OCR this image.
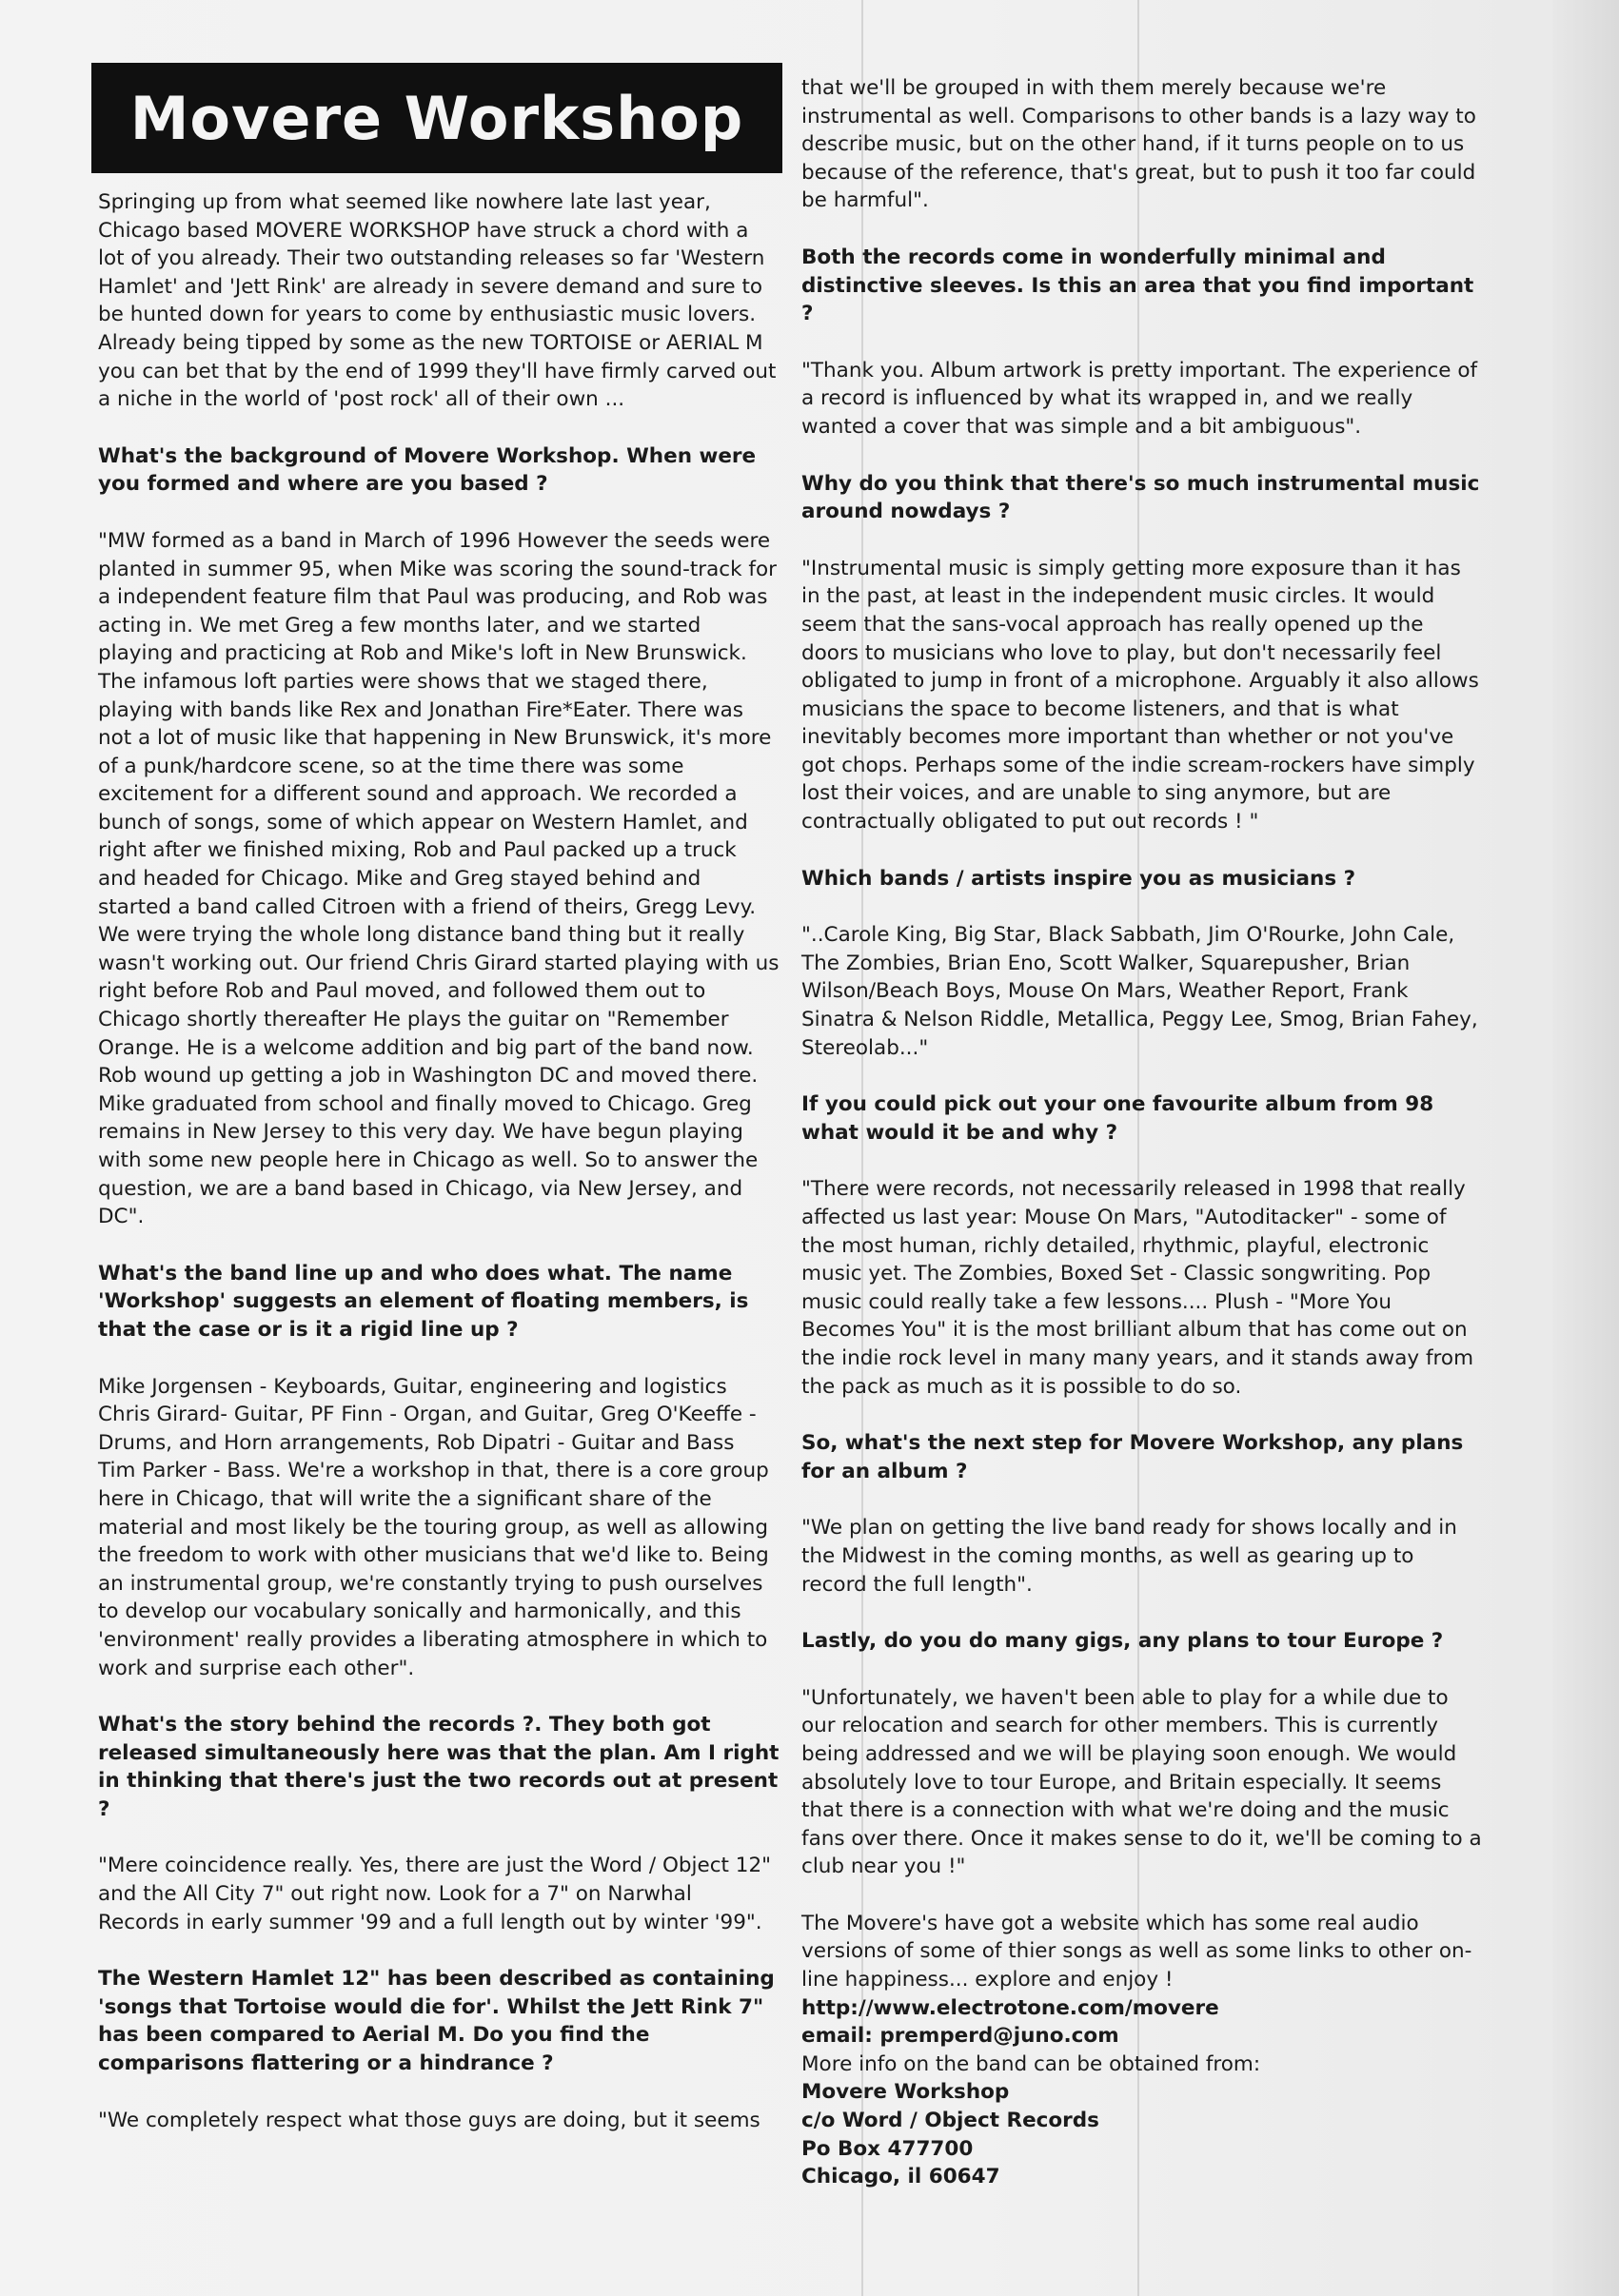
Movere Workshop

Springing up from what seemed like nowhere late last year, Chicago based MOVERE WORKSHOP have struck a chord with a lot of you already. Their two outstanding releases so far 'Western Hamlet' and 'Jett Rink' are already in severe demand and sure to be hunted down for years to come by enthusiastic music lovers. Already being tipped by some as the new TORTOISE or AERIAL M you can bet that by the end of 1999 they'll have firmly carved out a niche in the world of 'post rock' all of their own ...

What's the background of Movere Workshop. When were you formed and where are you based ?

"MW formed as a band in March of 1996 However the seeds were planted in summer 95, when Mike was scoring the sound-track for a independent feature film that Paul was producing, and Rob was acting in. We met Greg a few months later, and we started playing and practicing at Rob and Mike's loft in New Brunswick. The infamous loft parties were shows that we staged there, playing with bands like Rex and Jonathan Fire*Eater. There was not a lot of music like that happening in New Brunswick, it's more of a punk/hardcore scene, so at the time there was some excitement for a different sound and approach. We recorded a bunch of songs, some of which appear on Western Hamlet, and right after we finished mixing, Rob and Paul packed up a truck and headed for Chicago. Mike and Greg stayed behind and started a band called Citroen with a friend of theirs, Gregg Levy. We were trying the whole long distance band thing but it really wasn't working out. Our friend Chris Girard started playing with us right before Rob and Paul moved, and followed them out to Chicago shortly thereafter He plays the guitar on "Remember Orange. He is a welcome addition and big part of the band now. Rob wound up getting a job in Washington DC and moved there. Mike graduated from school and finally moved to Chicago. Greg remains in New Jersey to this very day. We have begun playing with some new people here in Chicago as well. So to answer the question, we are a band based in Chicago, via New Jersey, and DC".

What's the band line up and who does what. The name 'Workshop' suggests an element of floating members, is that the case or is it a rigid line up ?

Mike Jorgensen - Keyboards, Guitar, engineering and logistics
Chris Girard- Guitar, PF Finn - Organ, and Guitar, Greg O'Keeffe - Drums, and Horn arrangements, Rob Dipatri - Guitar and Bass
Tim Parker - Bass. We're a workshop in that, there is a core group here in Chicago, that will write the a significant share of the material and most likely be the touring group, as well as allowing the freedom to work with other musicians that we'd like to. Being an instrumental group, we're constantly trying to push ourselves to develop our vocabulary sonically and harmonically, and this 'environment' really provides a liberating atmosphere in which to work and surprise each other".

What's the story behind the records ?. They both got released simultaneously here was that the plan. Am I right in thinking that there's just the two records out at present ?

"Mere coincidence really. Yes, there are just the Word / Object 12" and the All City 7" out right now. Look for a 7" on Narwhal Records in early summer '99 and a full length out by winter '99".

The Western Hamlet 12" has been described as containing 'songs that Tortoise would die for'. Whilst the Jett Rink 7" has been compared to Aerial M. Do you find the comparisons flattering or a hindrance ?

"We completely respect what those guys are doing, but it seems

that we'll be grouped in with them merely because we're instrumental as well. Comparisons to other bands is a lazy way to describe music, but on the other hand, if it turns people on to us because of the reference, that's great, but to push it too far could be harmful".

Both the records come in wonderfully minimal and distinctive sleeves. Is this an area that you find important ?

"Thank you. Album artwork is pretty important. The experience of a record is influenced by what its wrapped in, and we really wanted a cover that was simple and a bit ambiguous".

Why do you think that there's so much instrumental music around nowdays ?

"Instrumental music is simply getting more exposure than it has in the past, at least in the independent music circles. It would seem that the sans-vocal approach has really opened up the doors to musicians who love to play, but don't necessarily feel obligated to jump in front of a microphone. Arguably it also allows musicians the space to become listeners, and that is what inevitably becomes more important than whether or not you've got chops. Perhaps some of the indie scream-rockers have simply lost their voices, and are unable to sing anymore, but are contractually obligated to put out records ! "

Which bands / artists inspire you as musicians ?

"..Carole King, Big Star, Black Sabbath, Jim O'Rourke, John Cale, The Zombies, Brian Eno, Scott Walker, Squarepusher, Brian Wilson/Beach Boys, Mouse On Mars, Weather Report, Frank Sinatra & Nelson Riddle, Metallica, Peggy Lee, Smog, Brian Fahey, Stereolab..."

If you could pick out your one favourite album from 98 what would it be and why ?

"There were records, not necessarily released in 1998 that really affected us last year: Mouse On Mars, "Autoditacker" - some of the most human, richly detailed, rhythmic, playful, electronic music yet. The Zombies, Boxed Set - Classic songwriting. Pop music could really take a few lessons.... Plush - "More You Becomes You" it is the most brilliant album that has come out on the indie rock level in many many years, and it stands away from the pack as much as it is possible to do so.

So, what's the next step for Movere Workshop, any plans for an album ?

"We plan on getting the live band ready for shows locally and in the Midwest in the coming months, as well as gearing up to record the full length".

Lastly, do you do many gigs, any plans to tour Europe ?

"Unfortunately, we haven't been able to play for a while due to our relocation and search for other members. This is currently being addressed and we will be playing soon enough. We would absolutely love to tour Europe, and Britain especially. It seems that there is a connection with what we're doing and the music fans over there. Once it makes sense to do it, we'll be coming to a club near you !"

The Movere's have got a website which has some real audio versions of some of thier songs as well as some links to other on-line happiness... explore and enjoy !

http://www.electrotone.com/movere

email: premperd@juno.com

More info on the band can be obtained from:

Movere Workshop

c/o Word / Object Records

Po Box 477700

Chicago, il 60647
